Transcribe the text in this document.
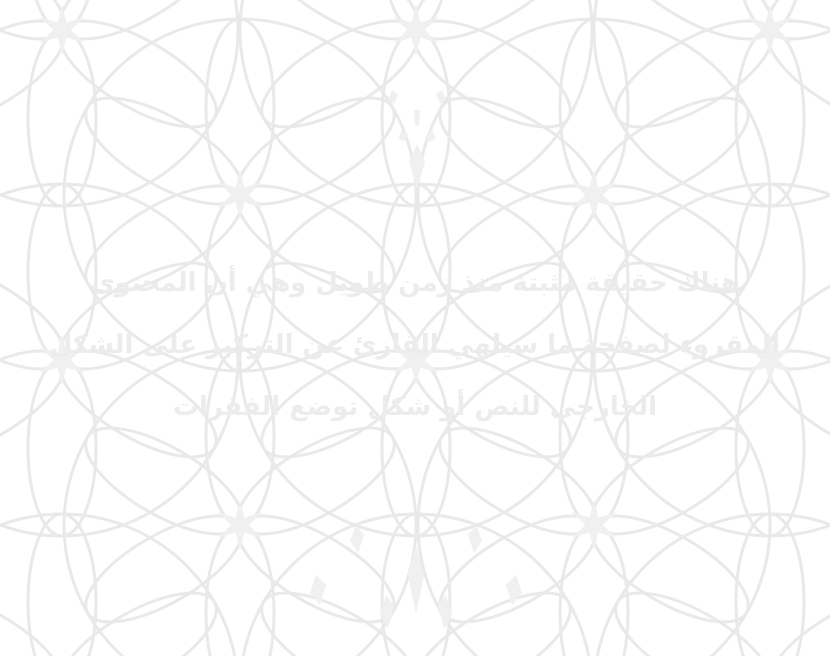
هناك حقيقة مثبتة منذ زمن طويل وهي أن المحتوى
المقروء لصفحة ما سيلهي القارئ عن التركيز على الشكل
الخارجي للنص أو شكل توضع الفقرات
